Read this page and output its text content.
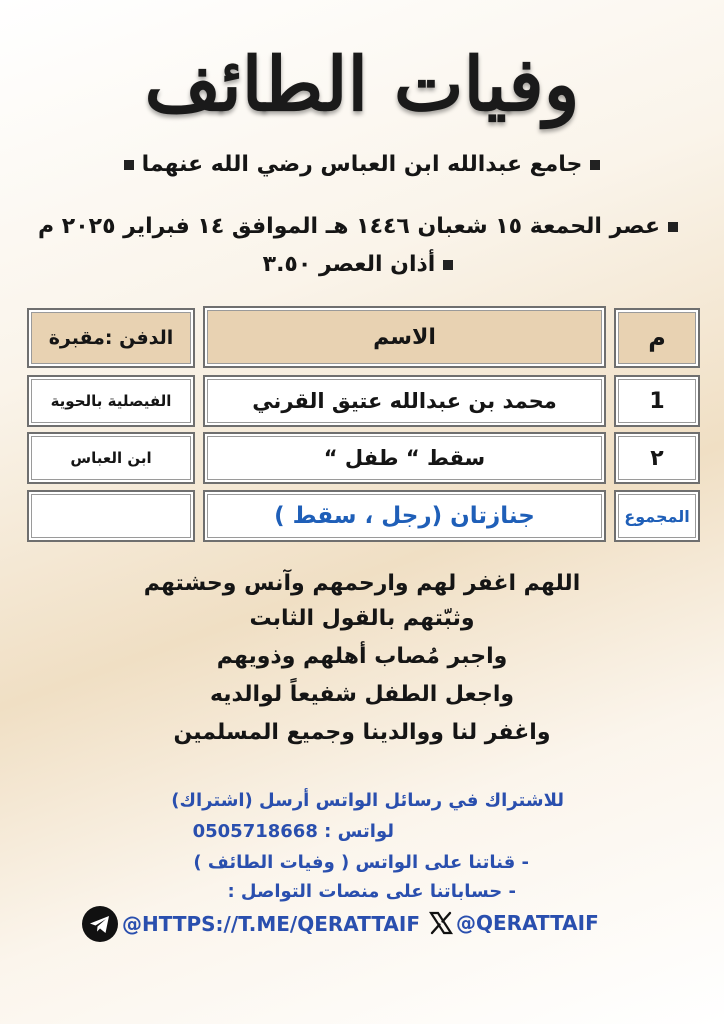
وفيات الطائف
جامع عبدالله ابن العباس رضي الله عنهما
عصر الحمعة ١٥ شعبان ١٤٤٦ هـ الموافق ١٤ فبراير ٢٠٢٥ م
أذان العصر ٣.٥٠
م
الاسم
الدفن :مقبرة
1
محمد بن عبدالله عتيق القرني
الفيصلية بالحوية
٢
سقط “ طفل “
ابن العباس
المجموع
جنازتان (رجل ، سقط )
اللهم اغفر لهم وارحمهم وآنس وحشتهم
وثبّتهم بالقول الثابت
واجبر مُصاب أهلهم وذويهم
واجعل الطفل شفيعاً لوالديه
واغفر لنا ووالدينا وجميع المسلمين
للاشتراك في رسائل الواتس أرسل (اشتراك)
لواتس : 0505718668
- قناتنا على الواتس ( وفيات الطائف )
- حساباتنا على منصات التواصل :
@QERATTAIF
@HTTPS://T.ME/QERATTAIF
